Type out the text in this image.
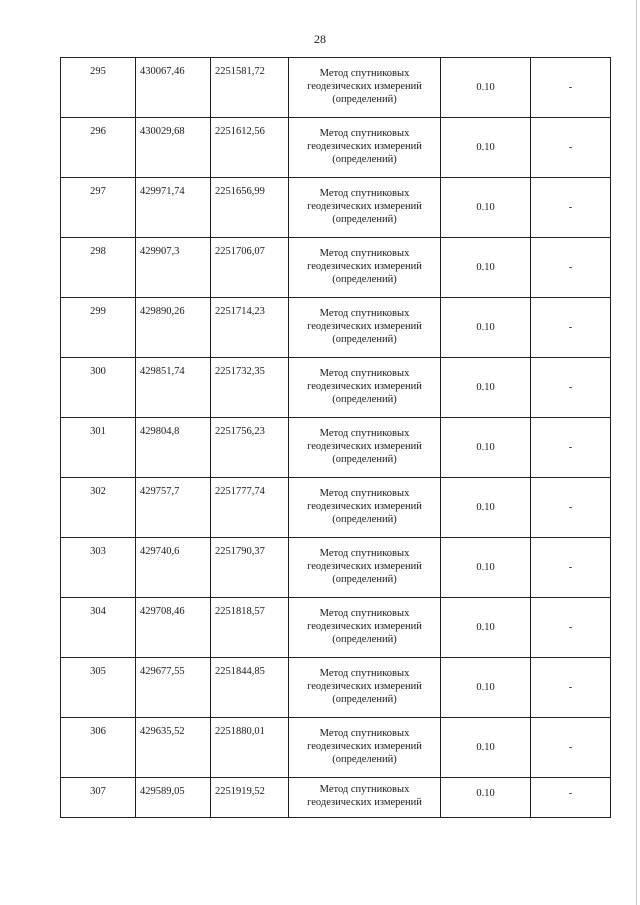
28
295	430067,46	2251581,72	Метод спутниковых
геодезических измерений
(определений)	0.10	-
296	430029,68	2251612,56	Метод спутниковых
геодезических измерений
(определений)	0.10	-
297	429971,74	2251656,99	Метод спутниковых
геодезических измерений
(определений)	0.10	-
298	429907,3	2251706,07	Метод спутниковых
геодезических измерений
(определений)	0.10	-
299	429890,26	2251714,23	Метод спутниковых
геодезических измерений
(определений)	0.10	-
300	429851,74	2251732,35	Метод спутниковых
геодезических измерений
(определений)	0.10	-
301	429804,8	2251756,23	Метод спутниковых
геодезических измерений
(определений)	0.10	-
302	429757,7	2251777,74	Метод спутниковых
геодезических измерений
(определений)	0.10	-
303	429740,6	2251790,37	Метод спутниковых
геодезических измерений
(определений)	0.10	-
304	429708,46	2251818,57	Метод спутниковых
геодезических измерений
(определений)	0.10	-
305	429677,55	2251844,85	Метод спутниковых
геодезических измерений
(определений)	0.10	-
306	429635,52	2251880,01	Метод спутниковых
геодезических измерений
(определений)	0.10	-
307	429589,05	2251919,52	Метод спутниковых
геодезических измерений	0.10	-
